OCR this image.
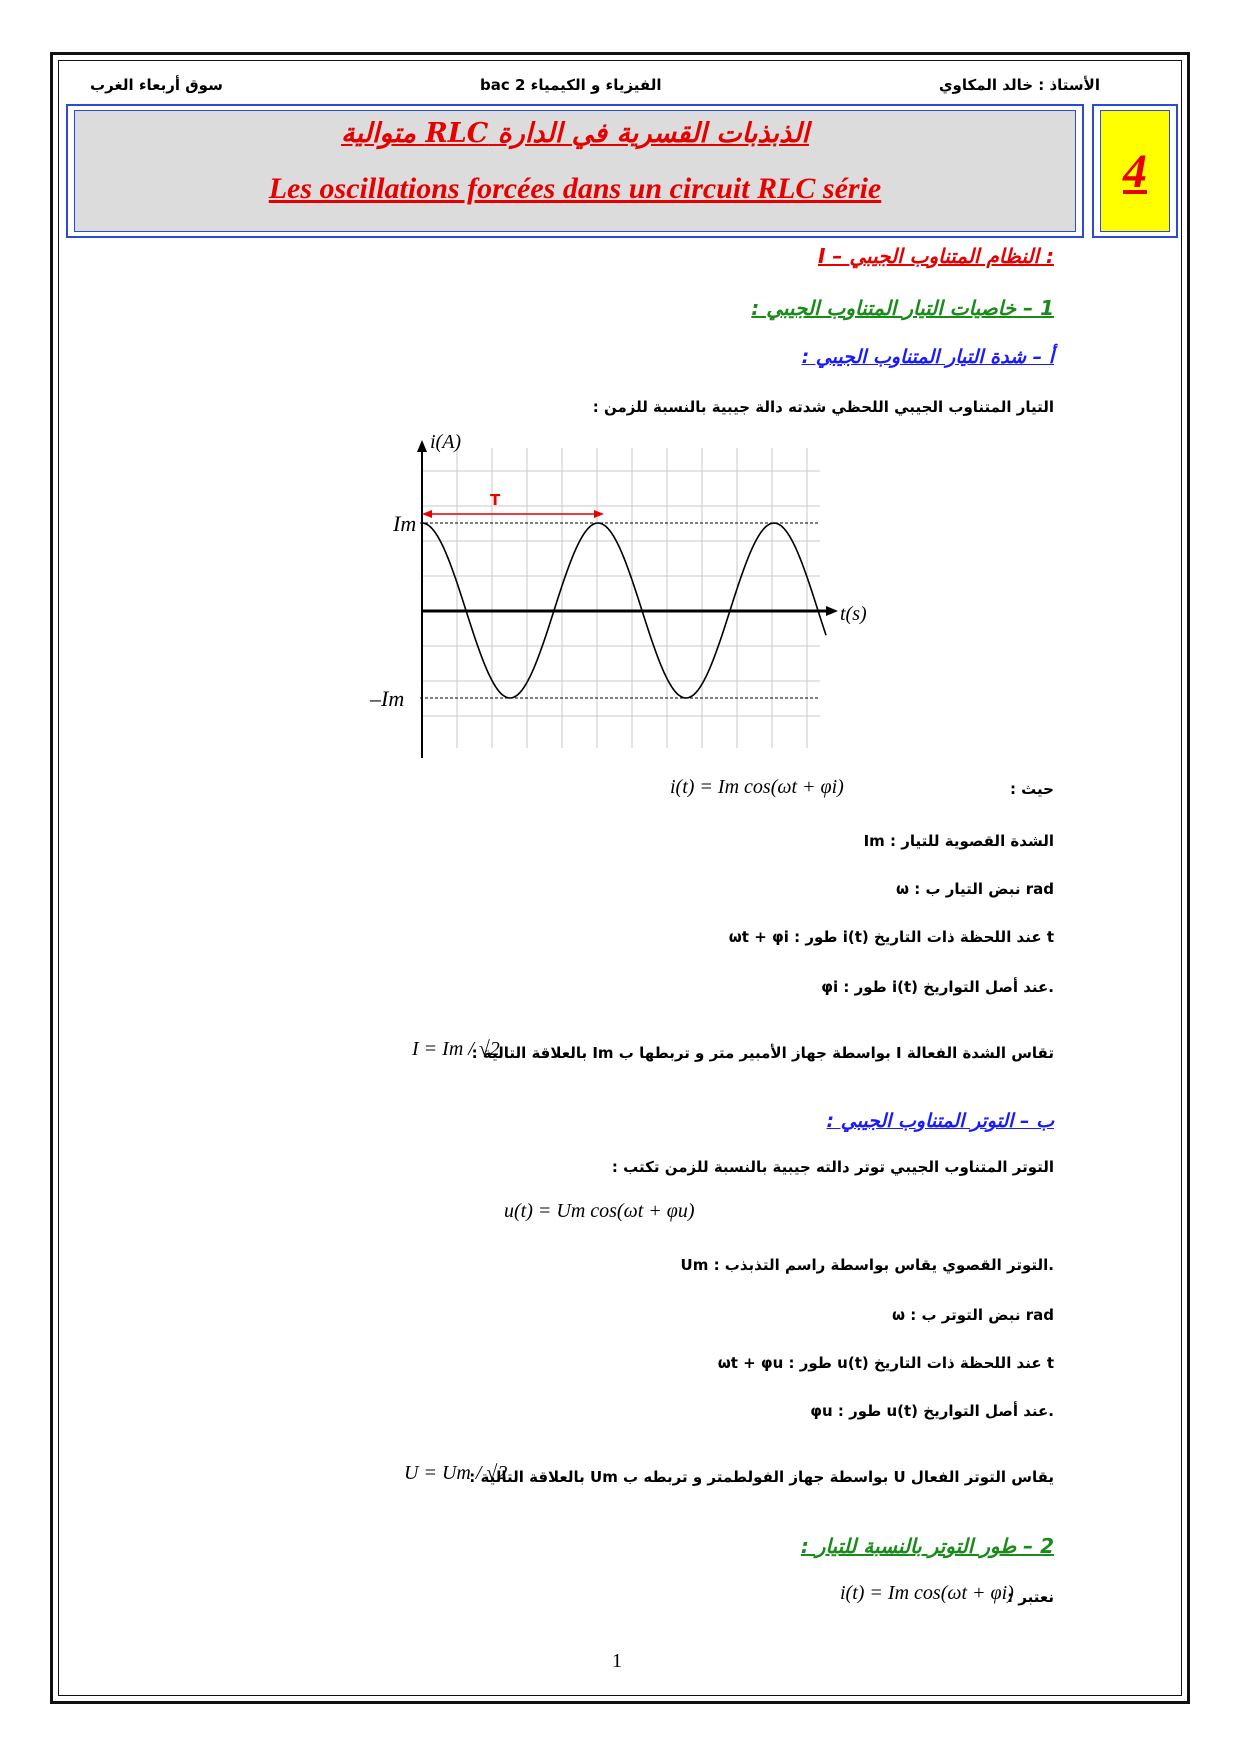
الأستاذ : خالد المكاوي
الفيزياء و الكيمياء 2 bac
سوق أربعاء الغرب
الذبذبات القسرية في الدارة RLC متوالية
Les oscillations forcées dans un circuit RLC série	4
I – النظام المتناوب الجيبي :
1 – خاصيات التيار المتناوب الجيبي :
أ – شدة التيار المتناوب الجيبي :
التيار المتناوب الجيبي اللحظي شدته دالة جيبية بالنسبة للزمن :
T
i(A)
t(s)
Im
–Im
حيث :
i(t) = Im cos(ωt + φi)
Im : الشدة القصوية للتيار
ω : نبض التيار ب rad
ωt + φi : طور i(t) عند اللحظة ذات التاريخ t
φi : طور i(t) عند أصل التواريخ.
تقاس الشدة الفعالة I بواسطة جهاز الأمبير متر و تربطها ب Im بالعلاقة التالية :
I = Im / √2
ب – التوتر المتناوب الجيبي :
التوتر المتناوب الجيبي توتر دالته جيبية بالنسبة للزمن تكتب :
u(t) = Um cos(ωt + φu)
Um : التوتر القصوي يقاس بواسطة راسم التذبذب.
ω : نبض التوتر ب rad
ωt + φu : طور u(t) عند اللحظة ذات التاريخ t
φu : طور u(t) عند أصل التواريخ.
يقاس التوتر الفعال U بواسطة جهاز الفولطمتر و تربطه ب Um بالعلاقة التالية :
U = Um / √2
2 – طور التوتر بالنسبة للتيار :
نعتبر :
i(t) = Im cos(ωt + φi)
1
